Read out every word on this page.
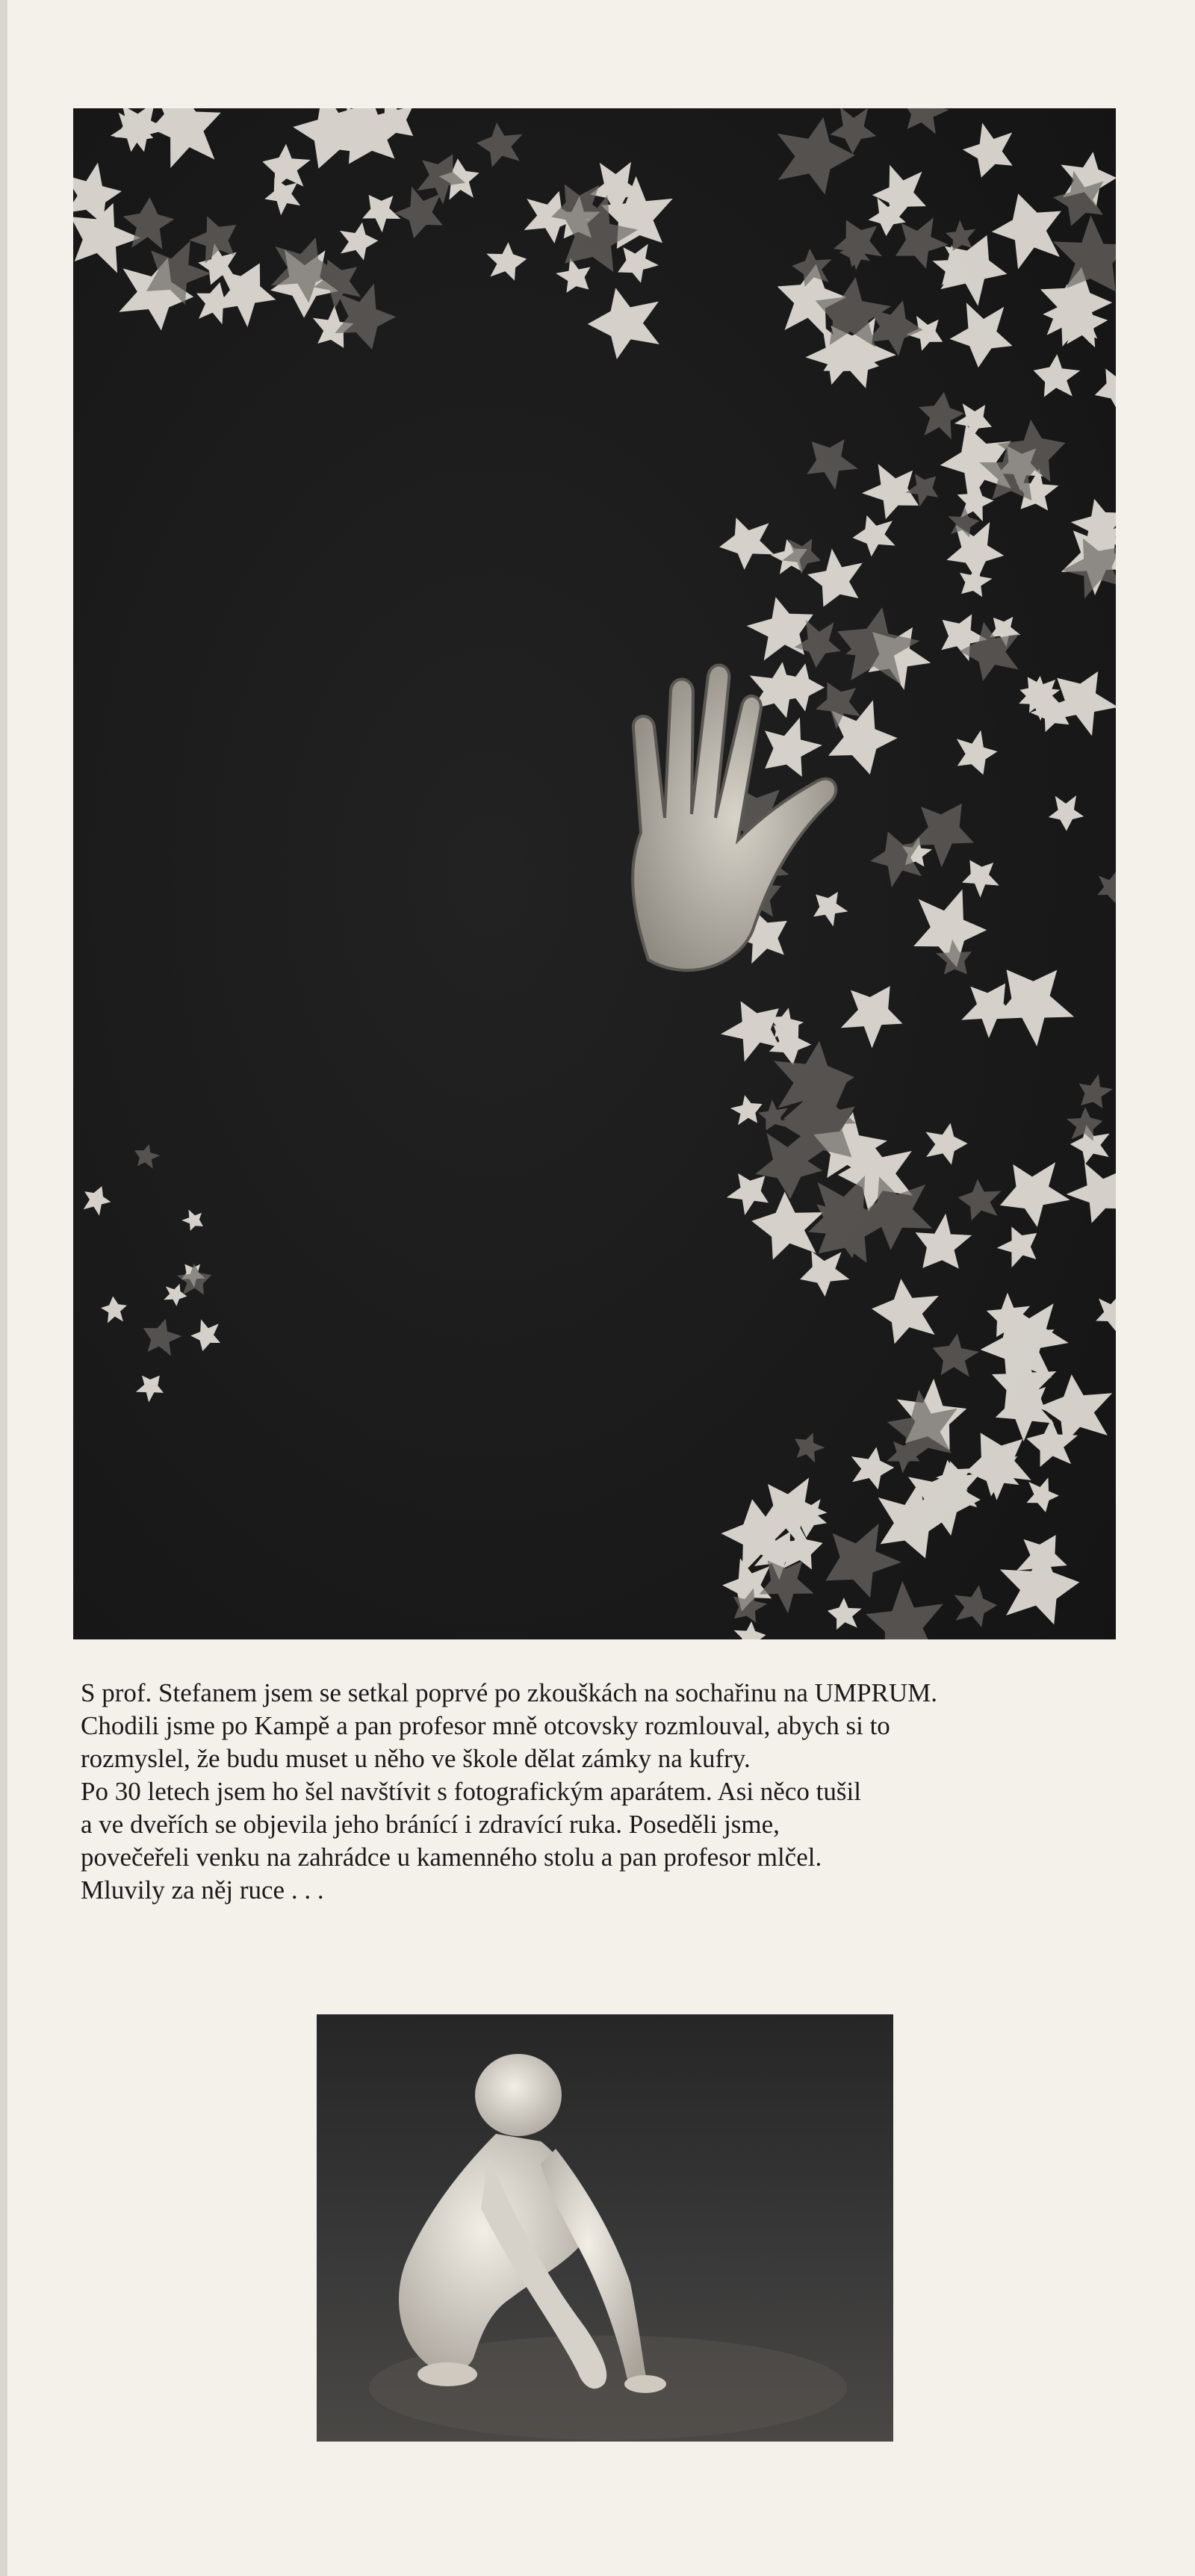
S prof. Stefanem jsem se setkal poprvé po zkouškách na sochařinu na UMPRUM.
Chodili jsme po Kampě a pan profesor mně otcovsky rozmlouval, abych si to
rozmyslel, že budu muset u něho ve škole dělat zámky na kufry.
Po 30 letech jsem ho šel navštívit s fotografickým aparátem. Asi něco tušil
a ve dveřích se objevila jeho bránící i zdravící ruka. Poseděli jsme,
povečeřeli venku na zahrádce u kamenného stolu a pan profesor mlčel.
Mluvily za něj ruce . . .
